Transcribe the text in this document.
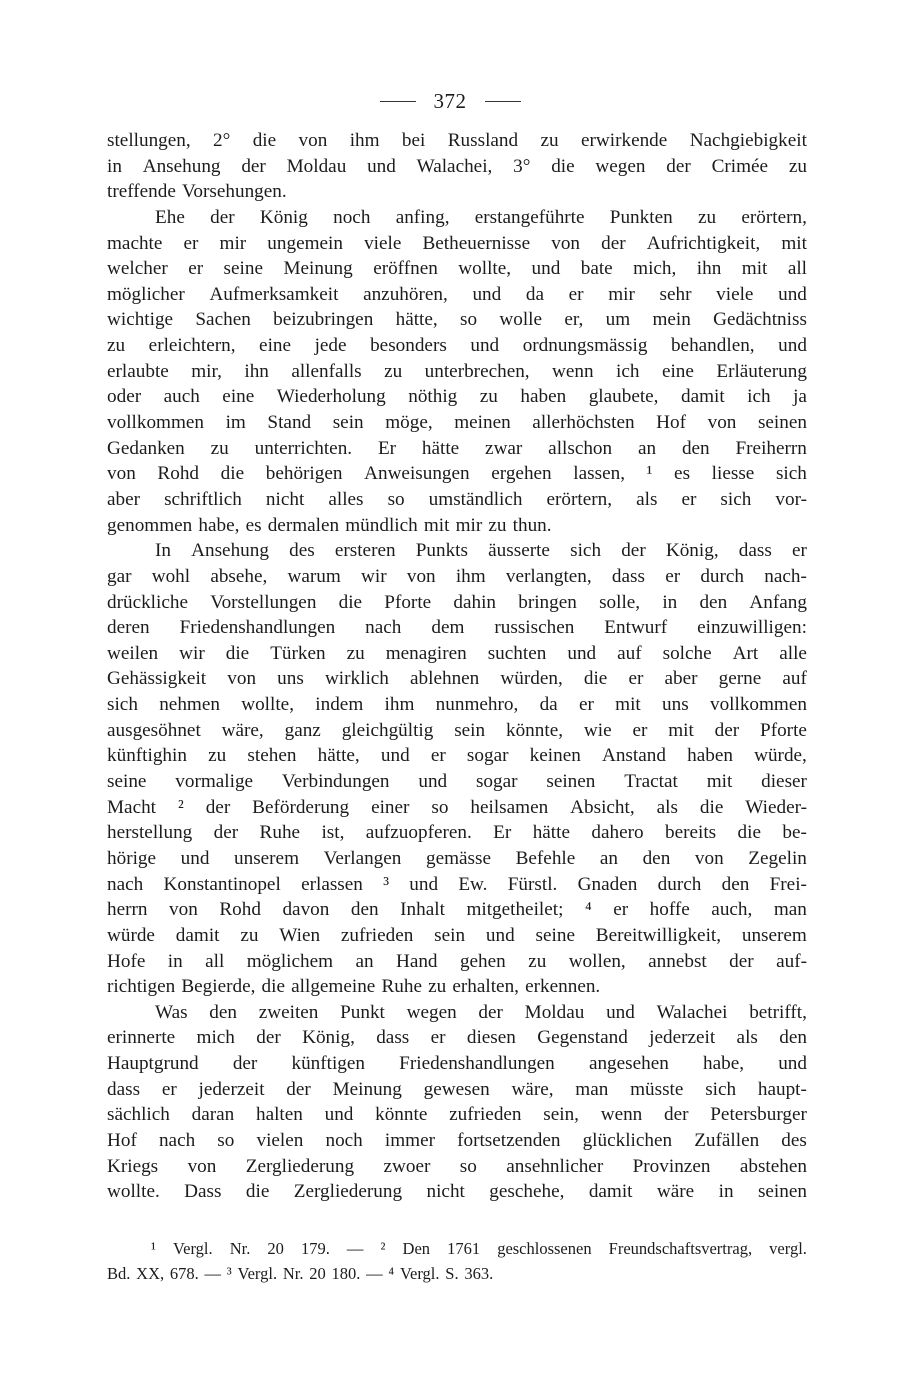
372
stellungen, 2° die von ihm bei Russland zu erwirkende Nachgiebigkeit
in Ansehung der Moldau und Walachei, 3° die wegen der Crimée zu
treffende Vorsehungen.
Ehe der König noch anfing, erstangeführte Punkten zu erörtern,
machte er mir ungemein viele Betheuernisse von der Aufrichtigkeit, mit
welcher er seine Meinung eröffnen wollte, und bate mich, ihn mit all
möglicher Aufmerksamkeit anzuhören, und da er mir sehr viele und
wichtige Sachen beizubringen hätte, so wolle er, um mein Gedächtniss
zu erleichtern, eine jede besonders und ordnungsmässig behandlen, und
erlaubte mir, ihn allenfalls zu unterbrechen, wenn ich eine Erläuterung
oder auch eine Wiederholung nöthig zu haben glaubete, damit ich ja
vollkommen im Stand sein möge, meinen allerhöchsten Hof von seinen
Gedanken zu unterrichten. Er hätte zwar allschon an den Freiherrn
von Rohd die behörigen Anweisungen ergehen lassen, ¹ es liesse sich
aber schriftlich nicht alles so umständlich erörtern, als er sich vor-
genommen habe, es dermalen mündlich mit mir zu thun.
In Ansehung des ersteren Punkts äusserte sich der König, dass er
gar wohl absehe, warum wir von ihm verlangten, dass er durch nach-
drückliche Vorstellungen die Pforte dahin bringen solle, in den Anfang
deren Friedenshandlungen nach dem russischen Entwurf einzuwilligen:
weilen wir die Türken zu menagiren suchten und auf solche Art alle
Gehässigkeit von uns wirklich ablehnen würden, die er aber gerne auf
sich nehmen wollte, indem ihm nunmehro, da er mit uns vollkommen
ausgesöhnet wäre, ganz gleichgültig sein könnte, wie er mit der Pforte
künftighin zu stehen hätte, und er sogar keinen Anstand haben würde,
seine vormalige Verbindungen und sogar seinen Tractat mit dieser
Macht ² der Beförderung einer so heilsamen Absicht, als die Wieder-
herstellung der Ruhe ist, aufzuopferen. Er hätte dahero bereits die be-
hörige und unserem Verlangen gemässe Befehle an den von Zegelin
nach Konstantinopel erlassen ³ und Ew. Fürstl. Gnaden durch den Frei-
herrn von Rohd davon den Inhalt mitgetheilet; ⁴ er hoffe auch, man
würde damit zu Wien zufrieden sein und seine Bereitwilligkeit, unserem
Hofe in all möglichem an Hand gehen zu wollen, annebst der auf-
richtigen Begierde, die allgemeine Ruhe zu erhalten, erkennen.
Was den zweiten Punkt wegen der Moldau und Walachei betrifft,
erinnerte mich der König, dass er diesen Gegenstand jederzeit als den
Hauptgrund der künftigen Friedenshandlungen angesehen habe, und
dass er jederzeit der Meinung gewesen wäre, man müsste sich haupt-
sächlich daran halten und könnte zufrieden sein, wenn der Petersburger
Hof nach so vielen noch immer fortsetzenden glücklichen Zufällen des
Kriegs von Zergliederung zwoer so ansehnlicher Provinzen abstehen
wollte. Dass die Zergliederung nicht geschehe, damit wäre in seinen
¹ Vergl. Nr. 20 179. — ² Den 1761 geschlossenen Freundschaftsvertrag, vergl.
Bd. XX, 678. — ³ Vergl. Nr. 20 180. — ⁴ Vergl. S. 363.
